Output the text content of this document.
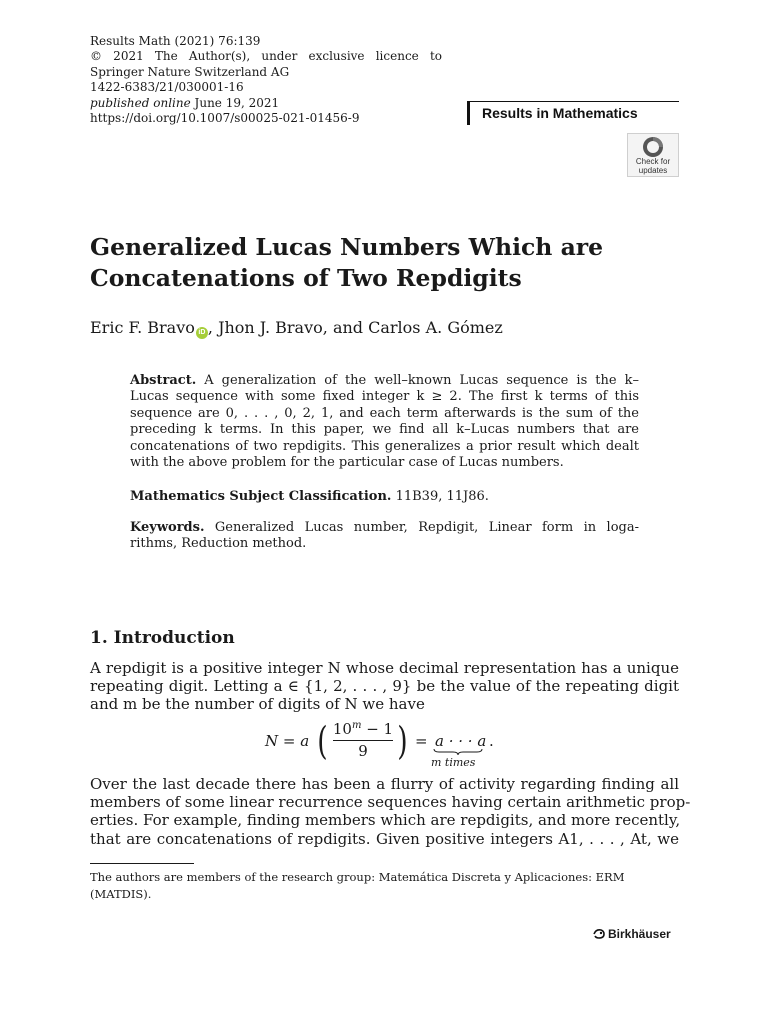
Results Math (2021) 76:139
© 2021 The Author(s), under exclusive licence to
Springer Nature Switzerland AG
1422-6383/21/030001-16
published online June 19, 2021
https://doi.org/10.1007/s00025-021-01456-9	Results in Mathematics
Check for updates
Generalized Lucas Numbers Which are
Concatenations of Two Repdigits
Eric F. Bravo iD , Jhon J. Bravo, and Carlos A. Gómez
Abstract. A generalization of the well–known Lucas sequence is the k–
Lucas sequence with some fixed integer k ≥ 2. The first k terms of this
sequence are 0, . . . , 0, 2, 1, and each term afterwards is the sum of the
preceding k terms. In this paper, we find all k–Lucas numbers that are
concatenations of two repdigits. This generalizes a prior result which dealt
with the above problem for the particular case of Lucas numbers.
Mathematics Subject Classification. 11B39, 11J86.
Keywords. Generalized Lucas number, Repdigit, Linear form in loga-
rithms, Reduction method.
1. Introduction
A repdigit is a positive integer N whose decimal representation has a unique
repeating digit. Letting a ∈ {1, 2, . . . , 9} be the value of the repeating digit
and m be the number of digits of N we have
N = a ( $10^m - 1$
9 ) = a · · · a
m times
.
Over the last decade there has been a flurry of activity regarding finding all
members of some linear recurrence sequences having certain arithmetic prop-
erties. For example, finding members which are repdigits, and more recently,
that are concatenations of repdigits. Given positive integers A1, . . . , At, we
The authors are members of the research group: Matemática Discreta y Aplicaciones: ERM
(MATDIS).
Birkhäuser
